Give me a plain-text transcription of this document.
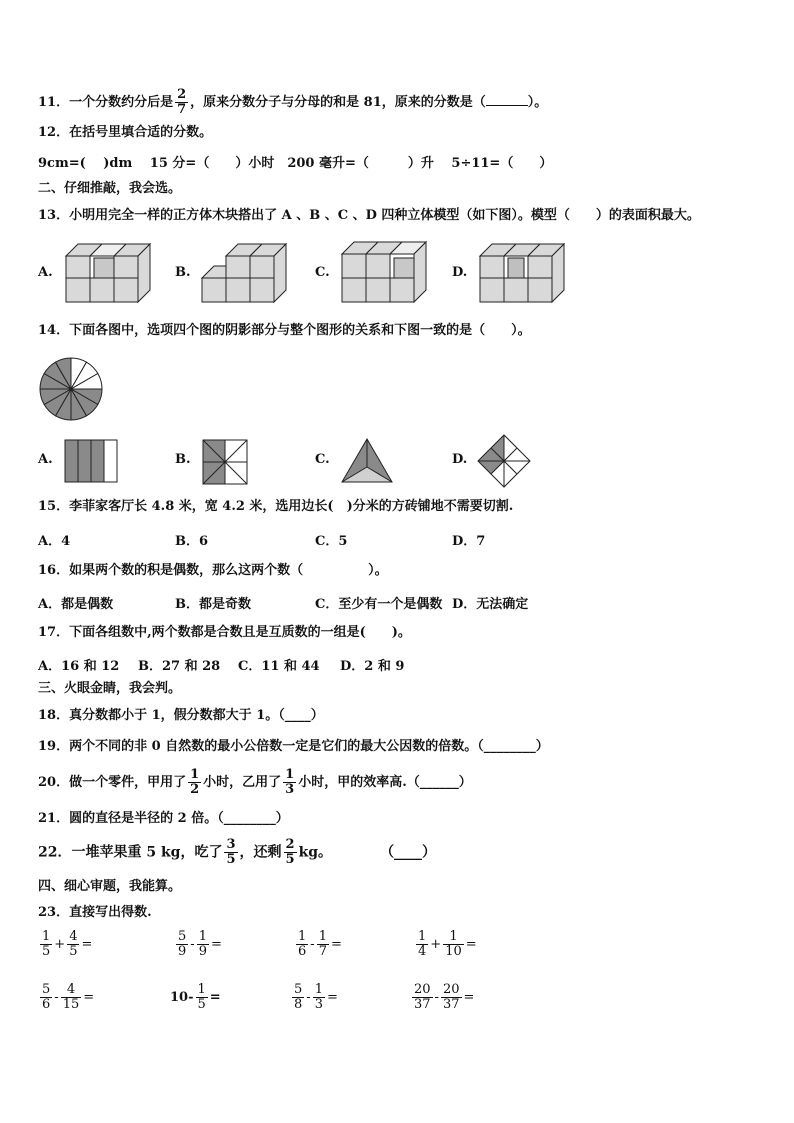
11．一个分数约分后是 $\frac{2}{7}$ ，原来分数分子与分母的和是 81，原来的分数是（	）。
12．在括号里填合适的分数。
9cm=(　 )dm　 15 分=（　　）小时　200 毫升=（　　　）升　 5÷11=（　　）
二、仔细推敲，我会选。
13．小明用完全一样的正方体木块搭出了 A 、B 、C 、D 四种立体模型（如下图）。模型（　　）的表面积最大。
A.	B.	C.	D.
14．下面各图中，选项四个图的阴影部分与整个图形的关系和下图一致的是（　　）。
A.	B.	C.	D.
15．李菲家客厅长 4.8 米，宽 4.2 米，选用边长(　)分米的方砖铺地不需要切割.
A．4	B．6	C．5	D．7
16．如果两个数的积是偶数，那么这两个数（　　　　　）。
A．都是偶数	B．都是奇数	C．至少有一个是偶数 D．无法确定
17．下面各组数中,两个数都是合数且是互质数的一组是(　　)。
A．16 和 12 B．27 和 28 C．11 和 44 D．2 和 9
三、火眼金睛，我会判。
18．真分数都小于 1，假分数都大于 1。（____）
19．两个不同的非 0 自然数的最小公倍数一定是它们的最大公因数的倍数。（________）
20．做一个零件，甲用了 $\frac{1}{2}$ 小时，乙用了 $\frac{1}{3}$ 小时，甲的效率高.（______）
21．圆的直径是半径的 2 倍。（________）
22．一堆苹果重 5 kg，吃了 $\frac{3}{5}$ ，还剩 $\frac{2}{5}$ kg。	（____）
四、细心审题，我能算。
23．直接写出得数.
$\frac{1}{5} + \frac{4}{5}$ =	$\frac{5}{9} - \frac{1}{9}$ =	$\frac{1}{6} - \frac{1}{7}$ =	$\frac{1}{4} + \frac{1}{10}$ =
$\frac{5}{6} - \frac{4}{15}$ =	$10- \frac{1}{5}$ =	$\frac{5}{8} - \frac{1}{3}$ =	$\frac{20}{37} - \frac{20}{37}$ =
